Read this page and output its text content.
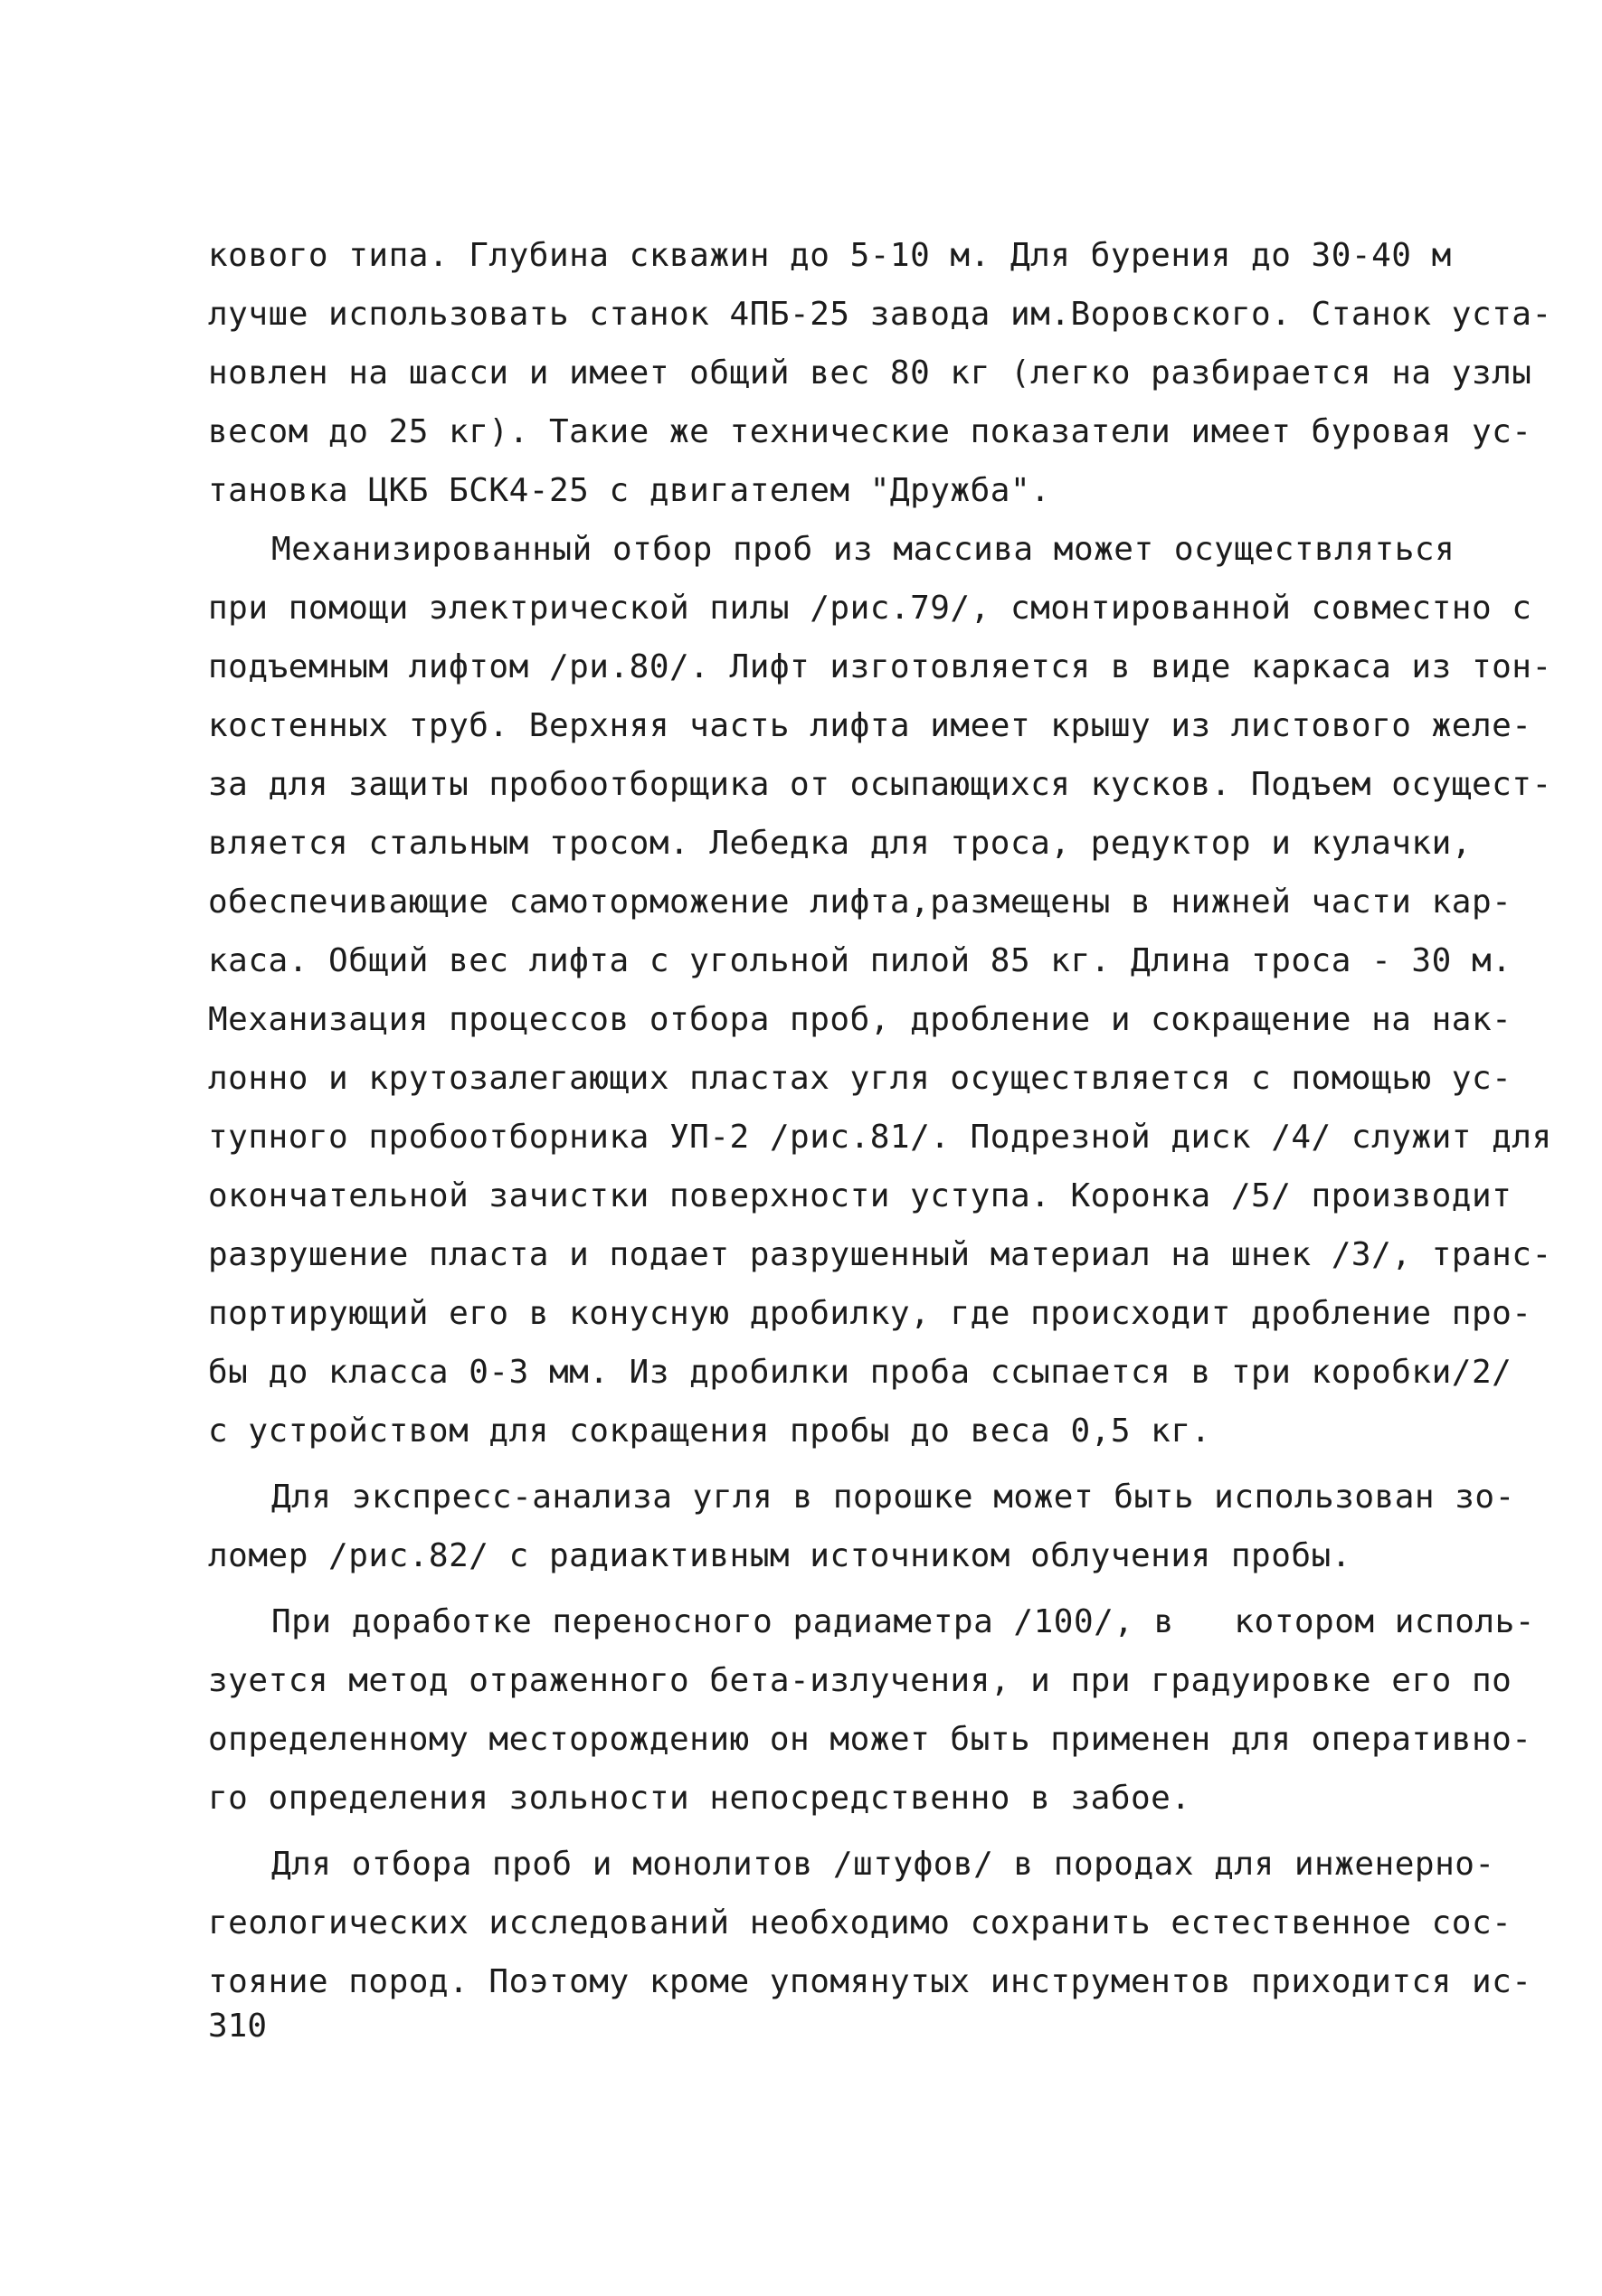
кового типа. Глубина скважин до 5-10 м. Для бурения до 30-40 м
лучше использовать станок 4ПБ-25 завода им.Воровского. Станок уста-
новлен на шасси и имеет общий вес 80 кг (легко разбирается на узлы
весом до 25 кг). Такие же технические показатели имеет буровая ус-
тановка ЦКБ БСК4-25 с двигателем "Дружба".
Механизированный отбор проб из массива может осуществляться
при помощи электрической пилы /рис.79/, смонтированной совместно с
подъемным лифтом /ри.80/. Лифт изготовляется в виде каркаса из тон-
костенных труб. Верхняя часть лифта имеет крышу из листового желе-
за для защиты пробоотборщика от осыпающихся кусков. Подъем осущест-
вляется стальным тросом. Лебедка для троса, редуктор и кулачки,
обеспечивающие самоторможение лифта,размещены в нижней части кар-
каса. Общий вес лифта с угольной пилой 85 кг. Длина троса - 30 м.
Механизация процессов отбора проб, дробление и сокращение на нак-
лонно и крутозалегающих пластах угля осуществляется с помощью ус-
тупного пробоотборника УП-2 /рис.81/. Подрезной диск /4/ служит для
окончательной зачистки поверхности уступа. Коронка /5/ производит
разрушение пласта и подает разрушенный материал на шнек /3/, транс-
портирующий его в конусную дробилку, где происходит дробление про-
бы до класса 0-3 мм. Из дробилки проба ссыпается в три коробки/2/
с устройством для сокращения пробы до веса 0,5 кг.
Для экспресс-анализа угля в порошке может быть использован зо-
ломер /рис.82/ с радиактивным источником облучения пробы.
При доработке переносного радиаметра /100/, в   котором исполь-
зуется метод отраженного бета-излучения, и при градуировке его по
определенному месторождению он может быть применен для оперативно-
го определения зольности непосредственно в забое.
Для отбора проб и монолитов /штуфов/ в породах для инженерно-
геологических исследований необходимо сохранить естественное сос-
тояние пород. Поэтому кроме упомянутых инструментов приходится ис-
310
